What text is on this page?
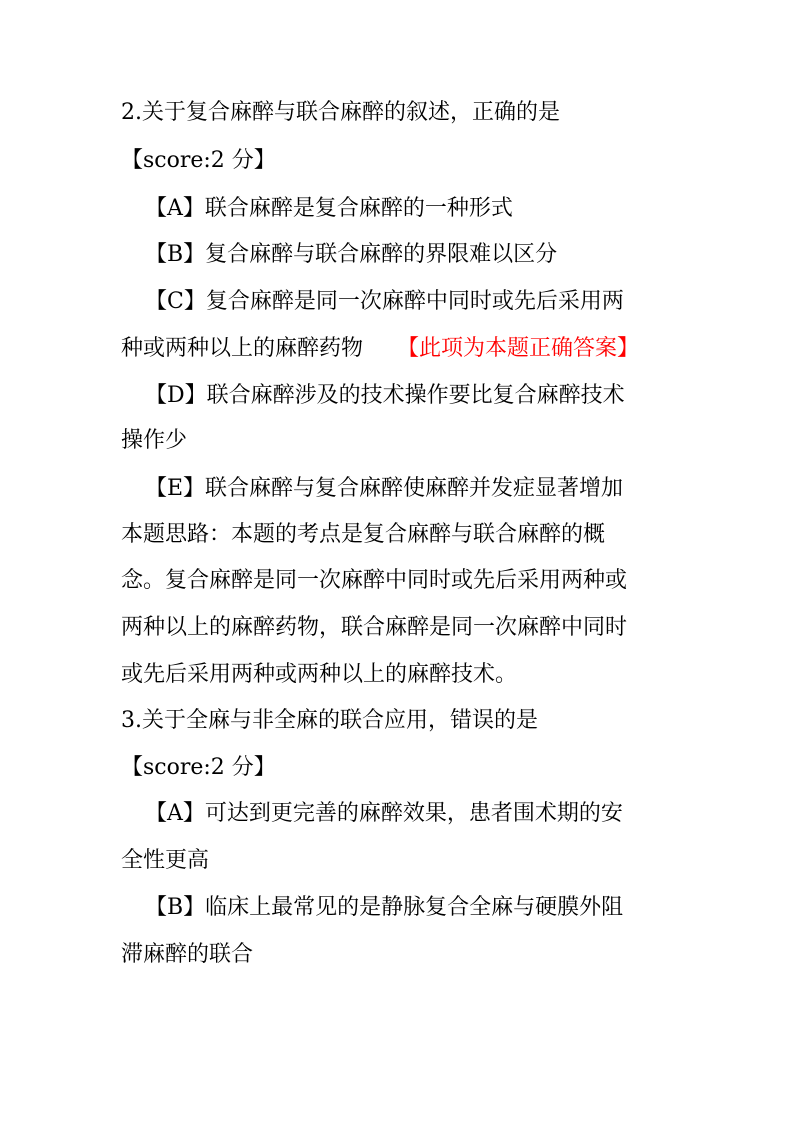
2.关于复合麻醉与联合麻醉的叙述，正确的是
【score:2 分】
【A】联合麻醉是复合麻醉的一种形式
【B】复合麻醉与联合麻醉的界限难以区分
【C】复合麻醉是同一次麻醉中同时或先后采用两
种或两种以上的麻醉药物 【此项为本题正确答案】
【D】联合麻醉涉及的技术操作要比复合麻醉技术
操作少
【E】联合麻醉与复合麻醉使麻醉并发症显著增加
本题思路：本题的考点是复合麻醉与联合麻醉的概
念。复合麻醉是同一次麻醉中同时或先后采用两种或
两种以上的麻醉药物，联合麻醉是同一次麻醉中同时
或先后采用两种或两种以上的麻醉技术。
3.关于全麻与非全麻的联合应用，错误的是
【score:2 分】
【A】可达到更完善的麻醉效果，患者围术期的安
全性更高
【B】临床上最常见的是静脉复合全麻与硬膜外阻
滞麻醉的联合
